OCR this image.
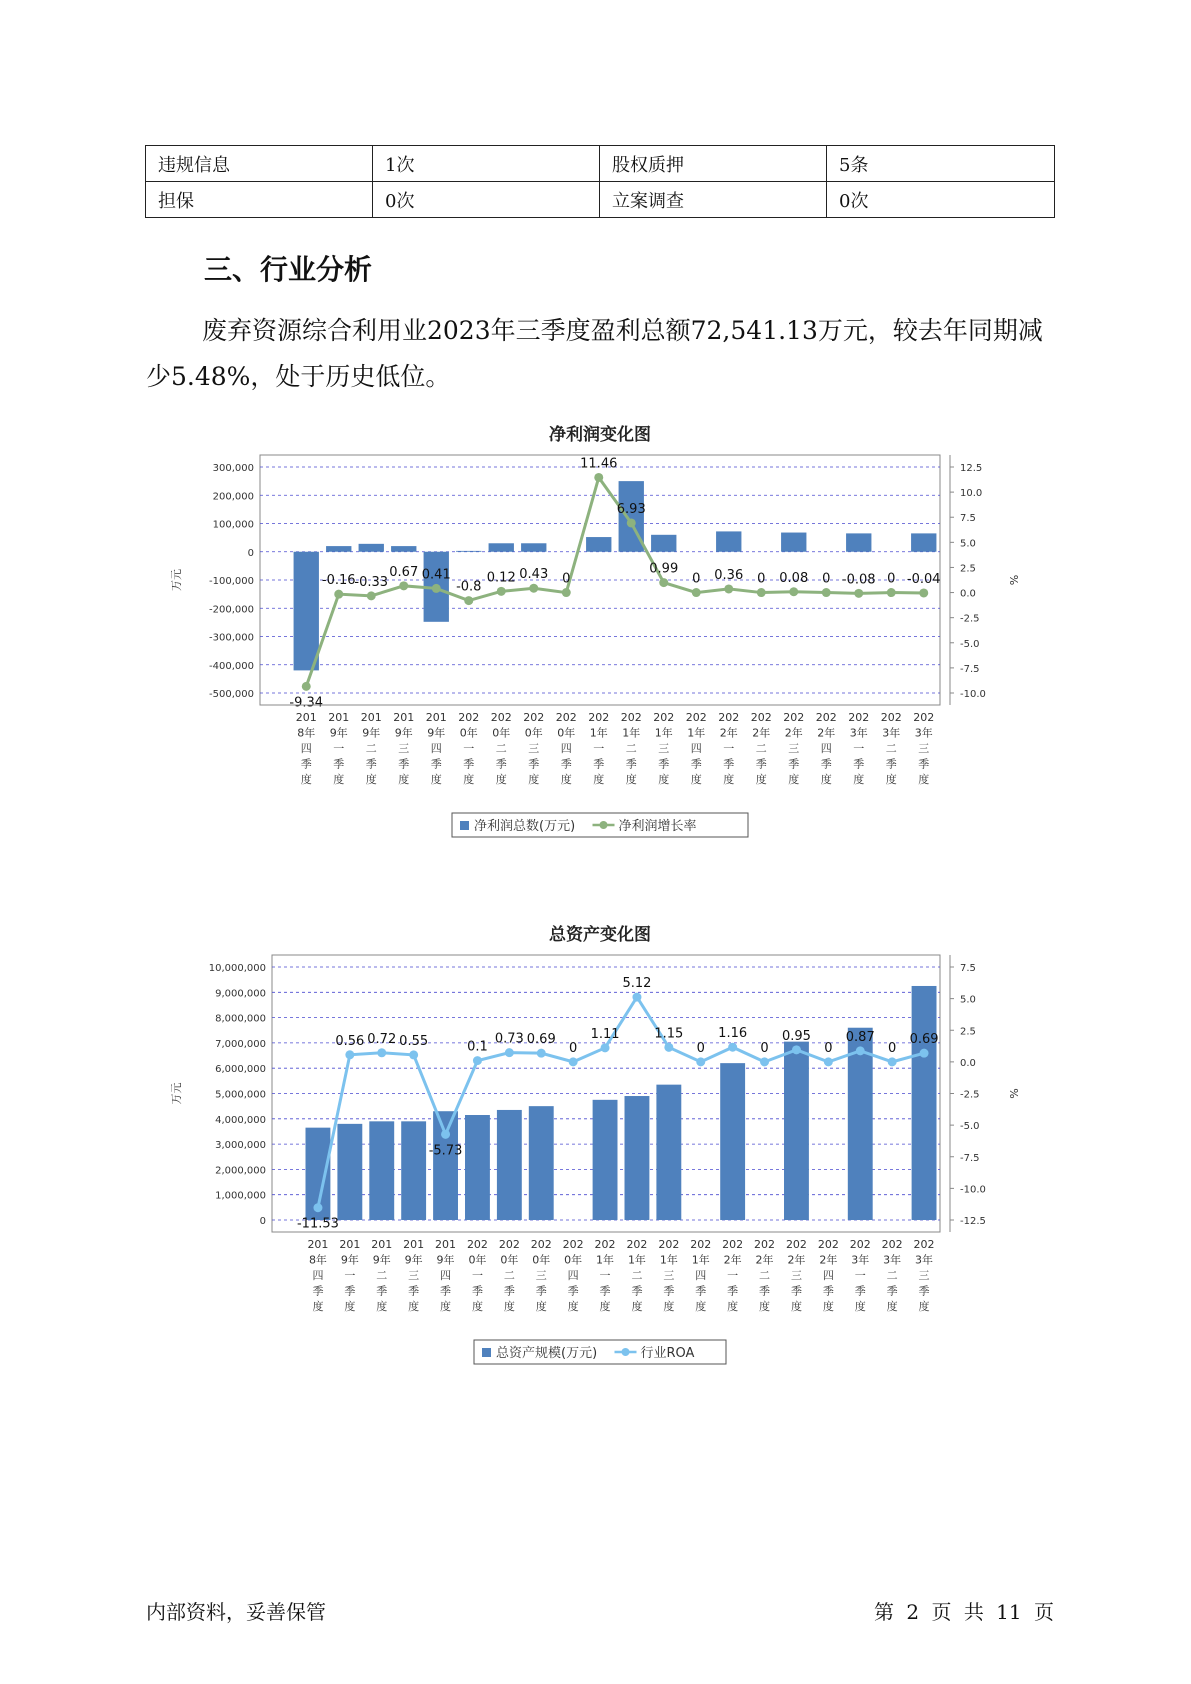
违规信息	1次	股权质押	5条
担保	0次	立案调查	0次
三、行业分析

废弃资源综合利用业2023年三季度盈利总额72,541.13万元，较去年同期减少5.48%，处于历史低位。

净利润变化图
300,000
200,000
100,000
0
-100,000
-200,000
-300,000
-400,000
-500,000
12.5
10.0
7.5
5.0
2.5
0.0
-2.5
-5.0
-7.5
-10.0
万元	%
-9.34
-0.16
-0.33
0.67 0.41
-0.8
0.12 0.43 0
11.46
6.93
0.99
0 0.36 0 0.08 0 -0.08 0 -0.04
201 8年四季度
201 9年一季度
201 9年二季度
201 9年三季度
201 9年四季度
202 0年一季度
202 0年二季度
202 0年三季度
202 0年四季度
202 1年一季度
202 1年二季度
202 1年三季度
202 1年四季度
202 2年一季度
202 2年二季度
202 2年三季度
202 2年四季度
202 3年一季度
202 3年二季度
202 3年三季度
净利润总数(万元)	净利润增长率
总资产变化图
10,000,000
9,000,000
8,000,000
7,000,000
6,000,000
5,000,000
4,000,000
3,000,000
2,000,000
1,000,000
0
7.5
5.0
2.5
0.0
-2.5
-5.0
-7.5
-10.0
-12.5
万元	%
-11.53
0.56 0.72 0.55
-5.73
0.1
0.73 0.69
0
1.11
5.12
1.15
0
1.16
0
0.95
0
0.87
0
0.69
201 8年四季度
201 9年一季度
201 9年二季度
201 9年三季度
201 9年四季度
202 0年一季度
202 0年二季度
202 0年三季度
202 0年四季度
202 1年一季度
202 1年二季度
202 1年三季度
202 1年四季度
202 2年一季度
202 2年二季度
202 2年三季度
202 2年四季度
202 3年一季度
202 3年二季度
202 3年三季度
总资产规模(万元)	行业ROA
内部资料，妥善保管	第 2 页 共 11 页
